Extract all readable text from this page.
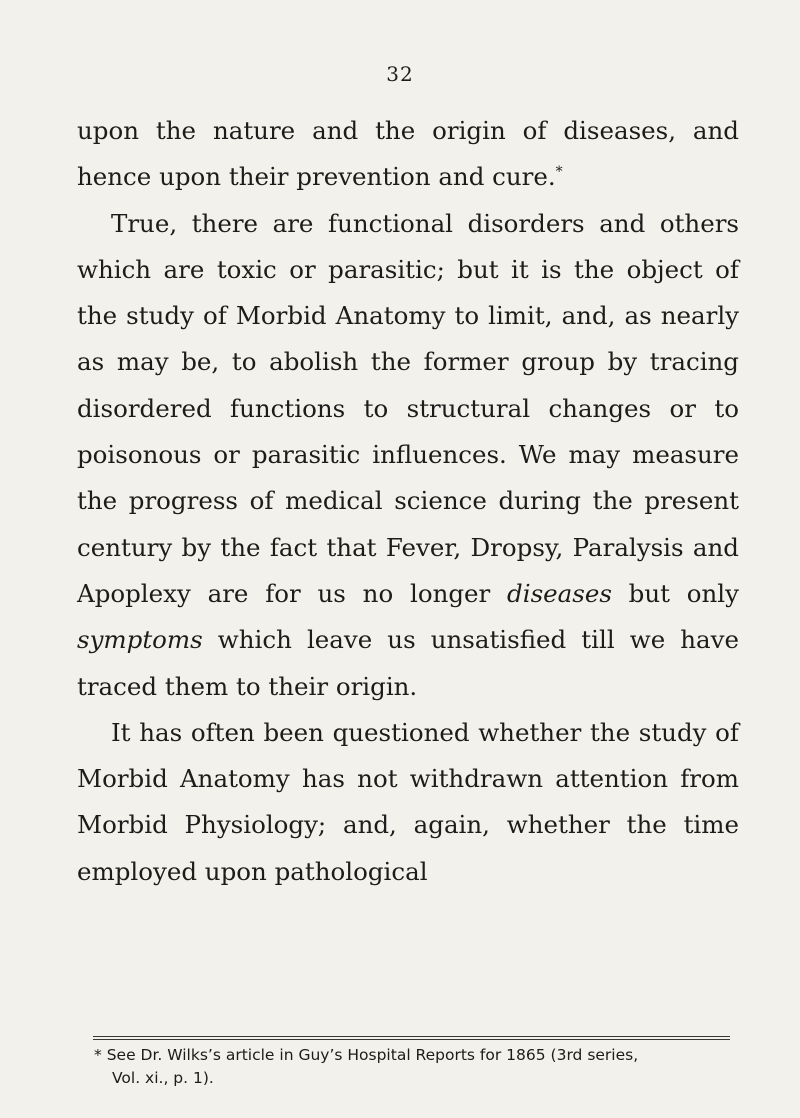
32

upon the nature and the origin of diseases, and hence upon their prevention and cure.*

True, there are functional disorders and others which are toxic or parasitic; but it is the object of the study of Morbid Anatomy to limit, and, as nearly as may be, to abolish the former group by tracing disordered functions to structural changes or to poisonous or parasitic influences. We may measure the progress of medical science during the present century by the fact that Fever, Dropsy, Paralysis and Apoplexy are for us no longer diseases but only symptoms which leave us unsatisfied till we have traced them to their origin.

It has often been questioned whether the study of Morbid Anatomy has not withdrawn attention from Morbid Physiology; and, again, whether the time employed upon pathological

* See Dr. Wilks’s article in Guy’s Hospital Reports for 1865 (3rd series,
Vol. xi., p. 1).
